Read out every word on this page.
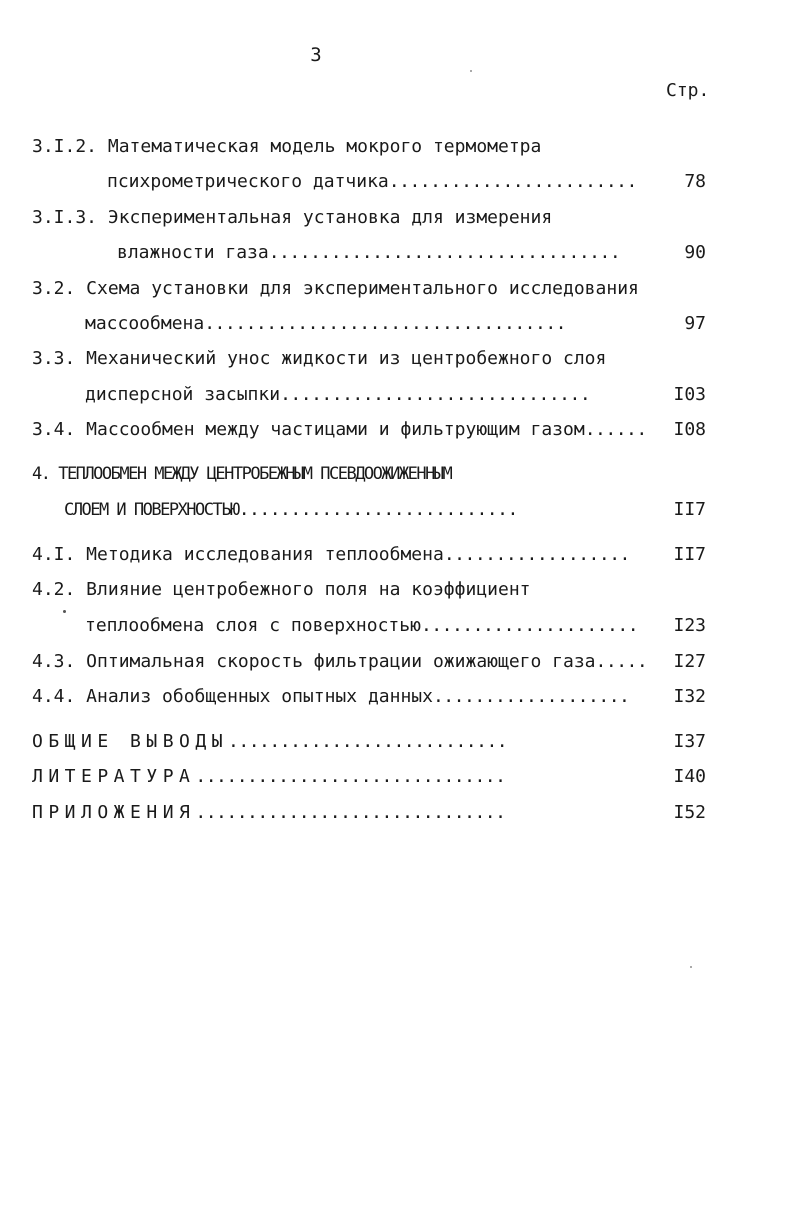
3
Стр.
3.I.2. Математическая модель мокрого термометра
психрометрического датчика........................	78
3.I.3. Экспериментальная установка для измерения
влажности газа..................................	90
3.2. Схема установки для экспериментального исследования
массообмена...................................	97
3.3. Механический унос жидкости из центробежного слоя
дисперсной засыпки..............................	I03
3.4. Массообмен между частицами и фильтрующим газом......	I08
4. ТЕПЛООБМЕН МЕЖДУ ЦЕНТРОБЕЖНЫМ ПСЕВДООЖИЖЕННЫМ
СЛОЕМ И ПОВЕРХНОСТЬЮ...........................	II7
4.I. Методика исследования теплообмена..................	II7
4.2. Влияние центробежного поля на коэффициент
теплообмена слоя с поверхностью.....................	I23
4.3. Оптимальная скорость фильтрации ожижающего газа.....	I27
4.4. Анализ обобщенных опытных данных...................	I32
ОБЩИЕ ВЫВОДЫ...........................	I37
ЛИТЕРАТУРА..............................	I40
ПРИЛОЖЕНИЯ..............................	I52
